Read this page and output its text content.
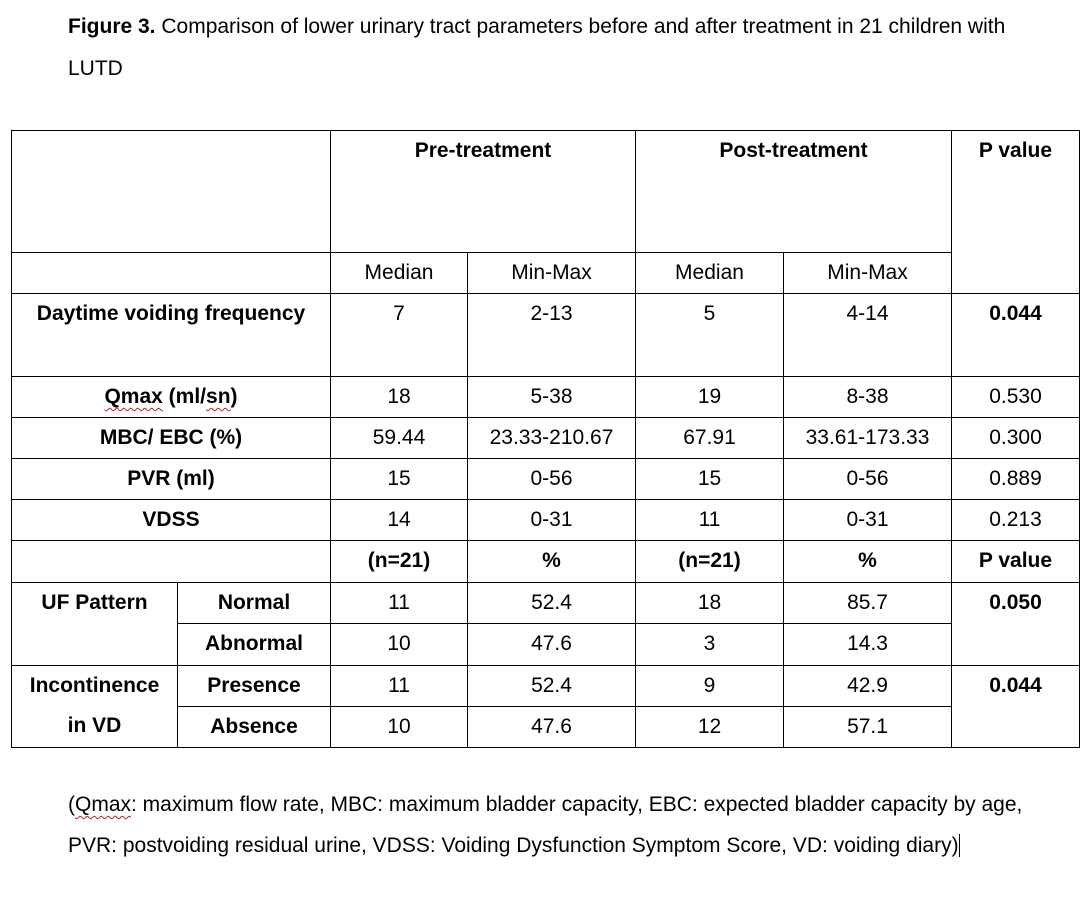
Figure 3. Comparison of lower urinary tract parameters before and after treatment in 21 children with LUTD
		Pre-treatment		Post-treatment		P value
		Median	Min-Max	Median	Min-Max	
Daytime voiding frequency		7	2-13	5	4-14	0.044
Qmax (ml/sn)		18	5-38	19	8-38	0.530
MBC/ EBC (%)		59.44	23.33-210.67	67.91	33.61-173.33	0.300
PVR (ml)		15	0-56	15	0-56	0.889
VDSS		14	0-31	11	0-31	0.213
		(n=21)	%	(n=21)	%	P value
UF Pattern	Normal	11	52.4	18	85.7	0.050
	Abnormal	10	47.6	3	14.3	
Incontinence
in VD	Presence	11	52.4	9	42.9	0.044
	Absence	10	47.6	12	57.1	
(Qmax: maximum flow rate, MBC: maximum bladder capacity, EBC: expected bladder capacity by age, PVR: postvoiding residual urine, VDSS: Voiding Dysfunction Symptom Score, VD: voiding diary)
